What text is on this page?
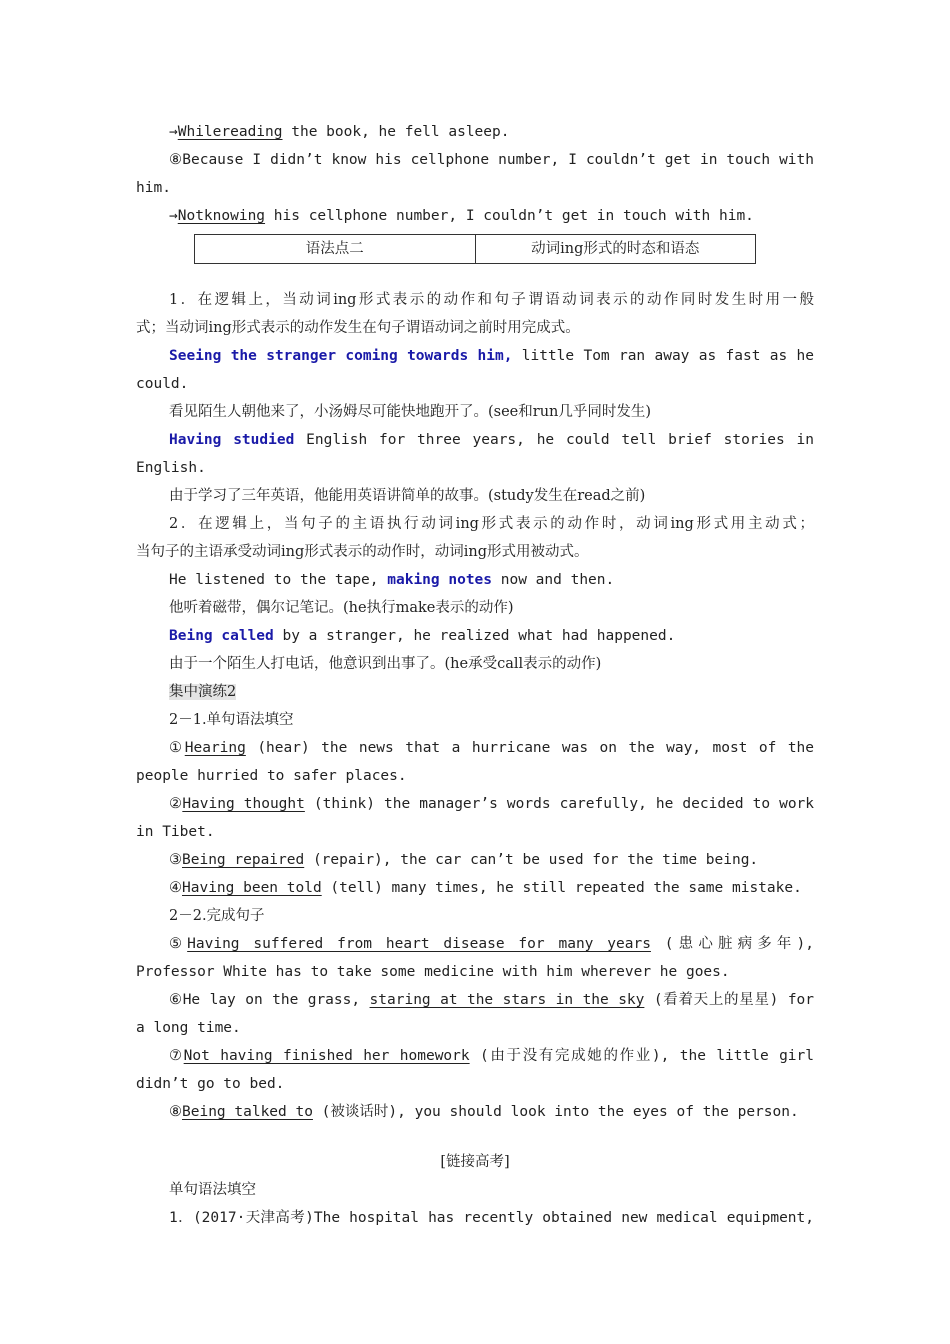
→Whilereading the book, he fell asleep.
⑧Because I didn’t know his cellphone number, I couldn’t get in touch with
him.
→Notknowing his cellphone number, I couldn’t get in touch with him.
语法点二	动词ing形式的时态和语态
1．在逻辑上，当动词ing形式表示的动作和句子谓语动词表示的动作同时发生时用一般
式；当动词ing形式表示的动作发生在句子谓语动词之前时用完成式。
Seeing the stranger coming towards him, little Tom ran away as fast as he
could.
看见陌生人朝他来了，小汤姆尽可能快地跑开了。(see和run几乎同时发生)
Having studied English for three years, he could tell brief stories in
English.
由于学习了三年英语，他能用英语讲简单的故事。(study发生在read之前)
2．在逻辑上，当句子的主语执行动词ing形式表示的动作时，动词ing形式用主动式；
当句子的主语承受动词ing形式表示的动作时，动词ing形式用被动式。
He listened to the tape, making notes now and then.
他听着磁带，偶尔记笔记。(he执行make表示的动作)
Being called by a stranger, he realized what had happened.
由于一个陌生人打电话，他意识到出事了。(he承受call表示的动作)
集中演练2
2－1.单句语法填空
①Hearing (hear) the news that a hurricane was on the way, most of the
people hurried to safer places.
②Having thought (think) the manager’s words carefully, he decided to work
in Tibet.
③Being repaired (repair), the car can’t be used for the time being.
④Having been told (tell) many times, he still repeated the same mistake.
2－2.完成句子
⑤Having suffered from heart disease for many years (患心脏病多年),
Professor White has to take some medicine with him wherever he goes.
⑥He lay on the grass, staring at the stars in the sky (看着天上的星星) for
a long time.
⑦Not having finished her homework (由于没有完成她的作业), the little girl
didn’t go to bed.
⑧Being talked to (被谈话时), you should look into the eyes of the person.
[链接高考]
单句语法填空
1．(2017·天津高考)The hospital has recently obtained new medical equipment,
